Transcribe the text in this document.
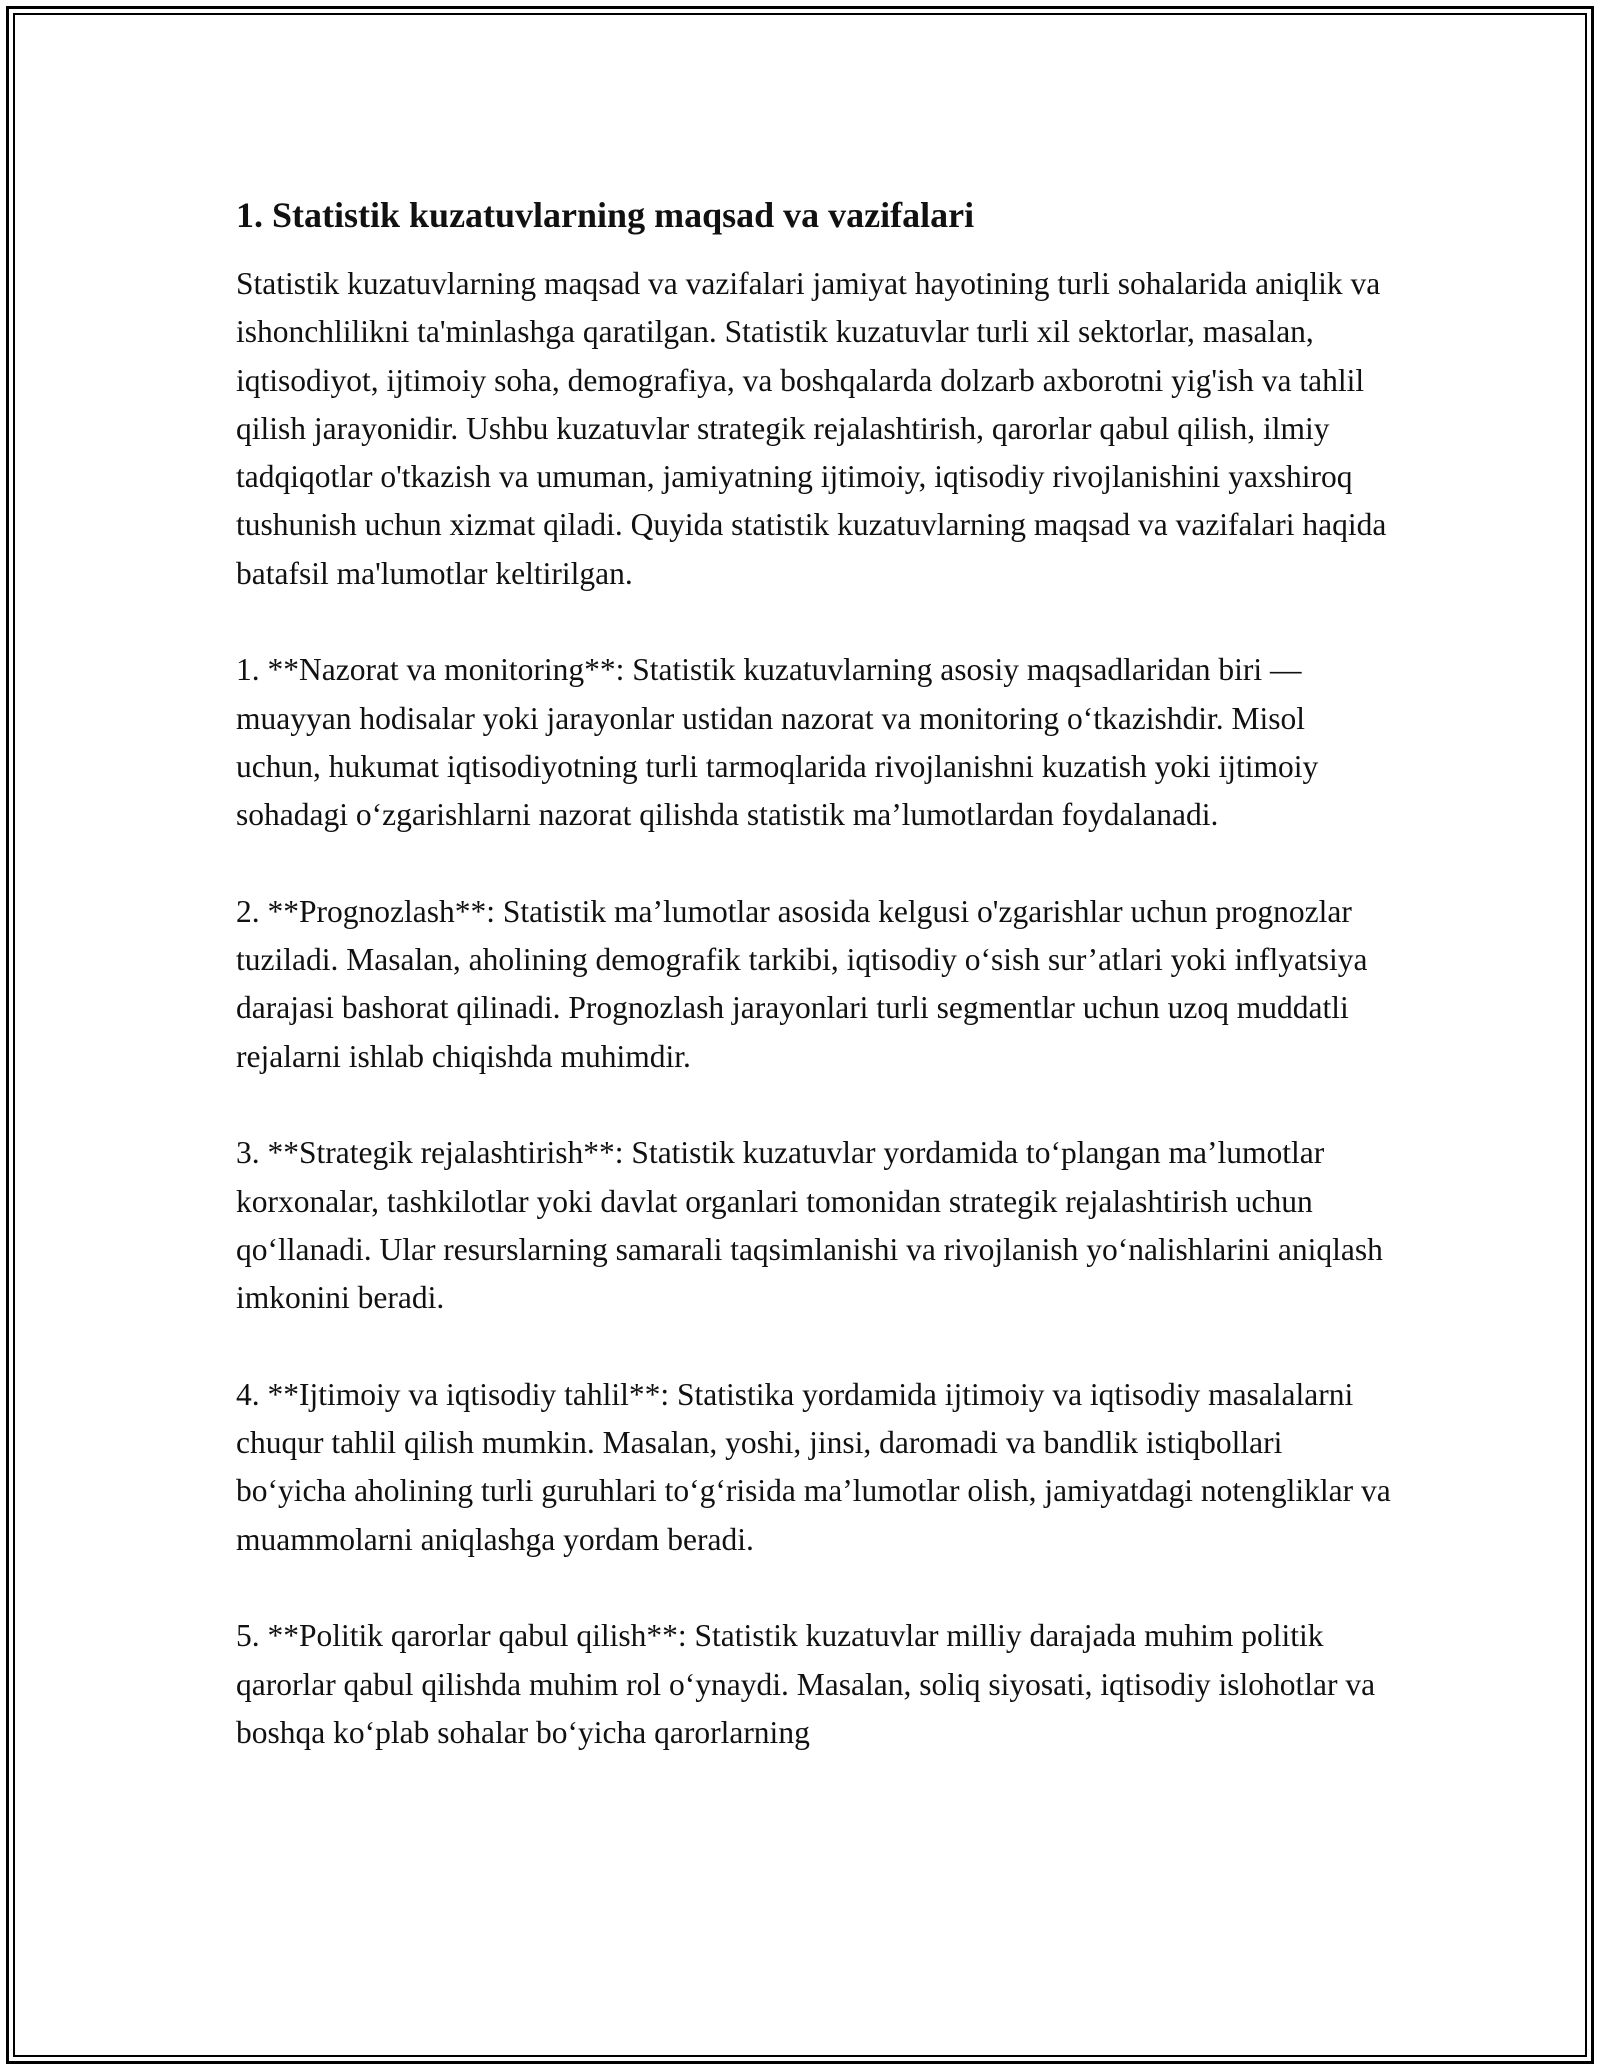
1. Statistik kuzatuvlarning maqsad va vazifalari

Statistik kuzatuvlarning maqsad va vazifalari jamiyat hayotining turli sohalarida aniqlik va ishonchlilikni ta'minlashga qaratilgan. Statistik kuzatuvlar turli xil sektorlar, masalan, iqtisodiyot, ijtimoiy soha, demografiya, va boshqalarda dolzarb axborotni yig'ish va tahlil qilish jarayonidir. Ushbu kuzatuvlar strategik rejalashtirish, qarorlar qabul qilish, ilmiy tadqiqotlar o'tkazish va umuman, jamiyatning ijtimoiy, iqtisodiy rivojlanishini yaxshiroq tushunish uchun xizmat qiladi. Quyida statistik kuzatuvlarning maqsad va vazifalari haqida batafsil ma'lumotlar keltirilgan.

1. **Nazorat va monitoring**: Statistik kuzatuvlarning asosiy maqsadlaridan biri — muayyan hodisalar yoki jarayonlar ustidan nazorat va monitoring o‘tkazishdir. Misol uchun, hukumat iqtisodiyotning turli tarmoqlarida rivojlanishni kuzatish yoki ijtimoiy sohadagi o‘zgarishlarni nazorat qilishda statistik ma’lumotlardan foydalanadi.

2. **Prognozlash**: Statistik ma’lumotlar asosida kelgusi o'zgarishlar uchun prognozlar tuziladi. Masalan, aholining demografik tarkibi, iqtisodiy o‘sish sur’atlari yoki inflyatsiya darajasi bashorat qilinadi. Prognozlash jarayonlari turli segmentlar uchun uzoq muddatli rejalarni ishlab chiqishda muhimdir.

3. **Strategik rejalashtirish**: Statistik kuzatuvlar yordamida to‘plangan ma’lumotlar korxonalar, tashkilotlar yoki davlat organlari tomonidan strategik rejalashtirish uchun qo‘llanadi. Ular resurslarning samarali taqsimlanishi va rivojlanish yo‘nalishlarini aniqlash imkonini beradi.

4. **Ijtimoiy va iqtisodiy tahlil**: Statistika yordamida ijtimoiy va iqtisodiy masalalarni chuqur tahlil qilish mumkin. Masalan, yoshi, jinsi, daromadi va bandlik istiqbollari bo‘yicha aholining turli guruhlari to‘g‘risida ma’lumotlar olish, jamiyatdagi notengliklar va muammolarni aniqlashga yordam beradi.

5. **Politik qarorlar qabul qilish**: Statistik kuzatuvlar milliy darajada muhim politik qarorlar qabul qilishda muhim rol o‘ynaydi. Masalan, soliq siyosati, iqtisodiy islohotlar va boshqa ko‘plab sohalar bo‘yicha qarorlarning
